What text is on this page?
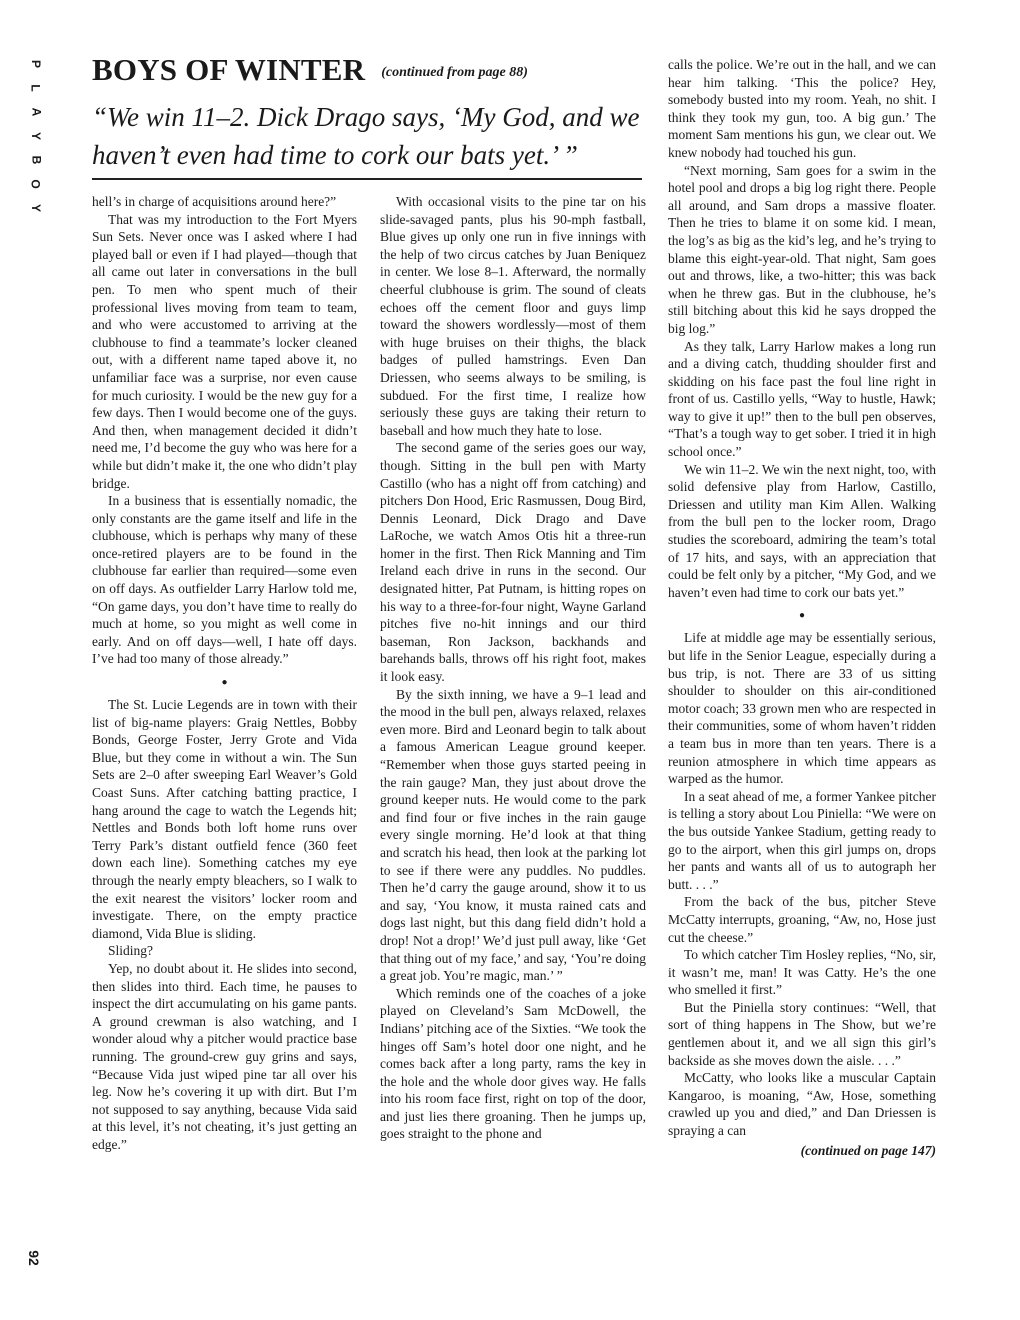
P
L
A
Y
B
O
Y
92
BOYS OF WINTER (continued from page 88)
“We win 11–2. Dick Drago says, ‘My God, and we haven’t even had time to cork our bats yet.’ ”

hell’s in charge of acquisitions around here?”

That was my introduction to the Fort Myers Sun Sets. Never once was I asked where I had played ball or even if I had played—though that all came out later in conversations in the bull pen. To men who spent much of their professional lives moving from team to team, and who were accustomed to arriving at the clubhouse to find a teammate’s locker cleaned out, with a different name taped above it, no unfamiliar face was a surprise, nor even cause for much curiosity. I would be the new guy for a few days. Then I would become one of the guys. And then, when management decided it didn’t need me, I’d become the guy who was here for a while but didn’t make it, the one who didn’t play bridge.

In a business that is essentially nomadic, the only constants are the game itself and life in the clubhouse, which is perhaps why many of these once-retired players are to be found in the clubhouse far earlier than required—some even on off days. As outfielder Larry Harlow told me, “On game days, you don’t have time to really do much at home, so you might as well come in early. And on off days—well, I hate off days. I’ve had too many of those already.”

●

The St. Lucie Legends are in town with their list of big-name players: Graig Nettles, Bobby Bonds, George Foster, Jerry Grote and Vida Blue, but they come in without a win. The Sun Sets are 2–0 after sweeping Earl Weaver’s Gold Coast Suns. After catching batting practice, I hang around the cage to watch the Legends hit; Nettles and Bonds both loft home runs over Terry Park’s distant outfield fence (360 feet down each line). Something catches my eye through the nearly empty bleachers, so I walk to the exit nearest the visitors’ locker room and investigate. There, on the empty practice diamond, Vida Blue is sliding.

Sliding?

Yep, no doubt about it. He slides into second, then slides into third. Each time, he pauses to inspect the dirt accumulating on his game pants. A ground crewman is also watching, and I wonder aloud why a pitcher would practice base running. The ground-crew guy grins and says, “Because Vida just wiped pine tar all over his leg. Now he’s covering it up with dirt. But I’m not supposed to say anything, because Vida said at this level, it’s not cheating, it’s just getting an edge.”

With occasional visits to the pine tar on his slide-savaged pants, plus his 90-mph fastball, Blue gives up only one run in five innings with the help of two circus catches by Juan Beniquez in center. We lose 8–1. Afterward, the normally cheerful clubhouse is grim. The sound of cleats echoes off the cement floor and guys limp toward the showers wordlessly—most of them with huge bruises on their thighs, the black badges of pulled hamstrings. Even Dan Driessen, who seems always to be smiling, is subdued. For the first time, I realize how seriously these guys are taking their return to baseball and how much they hate to lose.

The second game of the series goes our way, though. Sitting in the bull pen with Marty Castillo (who has a night off from catching) and pitchers Don Hood, Eric Rasmussen, Doug Bird, Dennis Leonard, Dick Drago and Dave LaRoche, we watch Amos Otis hit a three-run homer in the first. Then Rick Manning and Tim Ireland each drive in runs in the second. Our designated hitter, Pat Putnam, is hitting ropes on his way to a three-for-four night, Wayne Garland pitches five no-hit innings and our third baseman, Ron Jackson, backhands and barehands balls, throws off his right foot, makes it look easy.

By the sixth inning, we have a 9–1 lead and the mood in the bull pen, always relaxed, relaxes even more. Bird and Leonard begin to talk about a famous American League ground keeper. “Remember when those guys started peeing in the rain gauge? Man, they just about drove the ground keeper nuts. He would come to the park and find four or five inches in the rain gauge every single morning. He’d look at that thing and scratch his head, then look at the parking lot to see if there were any puddles. No puddles. Then he’d carry the gauge around, show it to us and say, ‘You know, it musta rained cats and dogs last night, but this dang field didn’t hold a drop! Not a drop!’ We’d just pull away, like ‘Get that thing out of my face,’ and say, ‘You’re doing a great job. You’re magic, man.’ ”

Which reminds one of the coaches of a joke played on Cleveland’s Sam McDowell, the Indians’ pitching ace of the Sixties. “We took the hinges off Sam’s hotel door one night, and he comes back after a long party, rams the key in the hole and the whole door gives way. He falls into his room face first, right on top of the door, and just lies there groaning. Then he jumps up, goes straight to the phone and

calls the police. We’re out in the hall, and we can hear him talking. ‘This the police? Hey, somebody busted into my room. Yeah, no shit. I think they took my gun, too. A big gun.’ The moment Sam mentions his gun, we clear out. We knew nobody had touched his gun.

“Next morning, Sam goes for a swim in the hotel pool and drops a big log right there. People all around, and Sam drops a massive floater. Then he tries to blame it on some kid. I mean, the log’s as big as the kid’s leg, and he’s trying to blame this eight-year-old. That night, Sam goes out and throws, like, a two-hitter; this was back when he threw gas. But in the clubhouse, he’s still bitching about this kid he says dropped the big log.”

As they talk, Larry Harlow makes a long run and a diving catch, thudding shoulder first and skidding on his face past the foul line right in front of us. Castillo yells, “Way to hustle, Hawk; way to give it up!” then to the bull pen observes, “That’s a tough way to get sober. I tried it in high school once.”

We win 11–2. We win the next night, too, with solid defensive play from Harlow, Castillo, Driessen and utility man Kim Allen. Walking from the bull pen to the locker room, Drago studies the scoreboard, admiring the team’s total of 17 hits, and says, with an appreciation that could be felt only by a pitcher, “My God, and we haven’t even had time to cork our bats yet.”

●

Life at middle age may be essentially serious, but life in the Senior League, especially during a bus trip, is not. There are 33 of us sitting shoulder to shoulder on this air-conditioned motor coach; 33 grown men who are respected in their communities, some of whom haven’t ridden a team bus in more than ten years. There is a reunion atmosphere in which time appears as warped as the humor.

In a seat ahead of me, a former Yankee pitcher is telling a story about Lou Piniella: “We were on the bus outside Yankee Stadium, getting ready to go to the airport, when this girl jumps on, drops her pants and wants all of us to autograph her butt. . . .”

From the back of the bus, pitcher Steve McCatty interrupts, groaning, “Aw, no, Hose just cut the cheese.”

To which catcher Tim Hosley replies, “No, sir, it wasn’t me, man! It was Catty. He’s the one who smelled it first.”

But the Piniella story continues: “Well, that sort of thing happens in The Show, but we’re gentlemen about it, and we all sign this girl’s backside as she moves down the aisle. . . .”

McCatty, who looks like a muscular Captain Kangaroo, is moaning, “Aw, Hose, something crawled up you and died,” and Dan Driessen is spraying a can

(continued on page 147)
